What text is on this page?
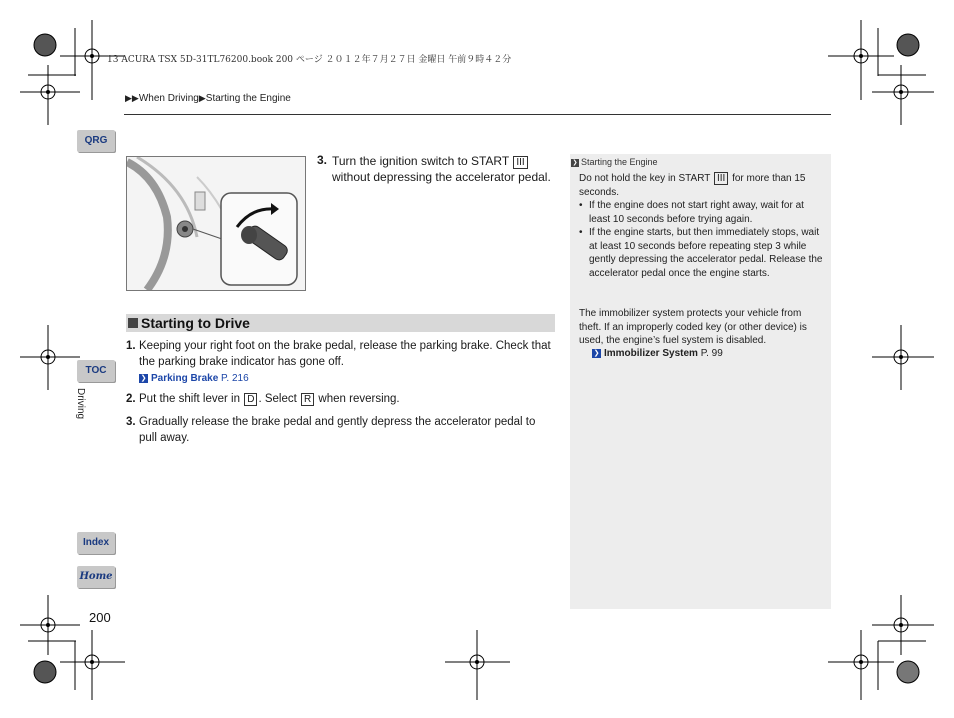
13 ACURA TSX 5D-31TL76200.book 200 ページ ２０１２年７月２７日 金曜日 午前９時４２分
▶▶When Driving▶Starting the Engine
QRG
TOC
Driving
Index
Home
200
3. Turn the ignition switch to START III without depressing the accelerator pedal.
Starting to Drive
1. Keeping your right foot on the brake pedal, release the parking brake. Check that the parking brake indicator has gone off.
❯ Parking Brake P. 216
2. Put the shift lever in D . Select R when reversing.
3. Gradually release the brake pedal and gently depress the accelerator pedal to pull away.
❯ Starting the Engine
Do not hold the key in START III for more than 15 seconds.
• If the engine does not start right away, wait for at least 10 seconds before trying again.
• If the engine starts, but then immediately stops, wait at least 10 seconds before repeating step 3 while gently depressing the accelerator pedal. Release the accelerator pedal once the engine starts.
The immobilizer system protects your vehicle from theft. If an improperly coded key (or other device) is used, the engine’s fuel system is disabled.
❯ Immobilizer System P. 99
